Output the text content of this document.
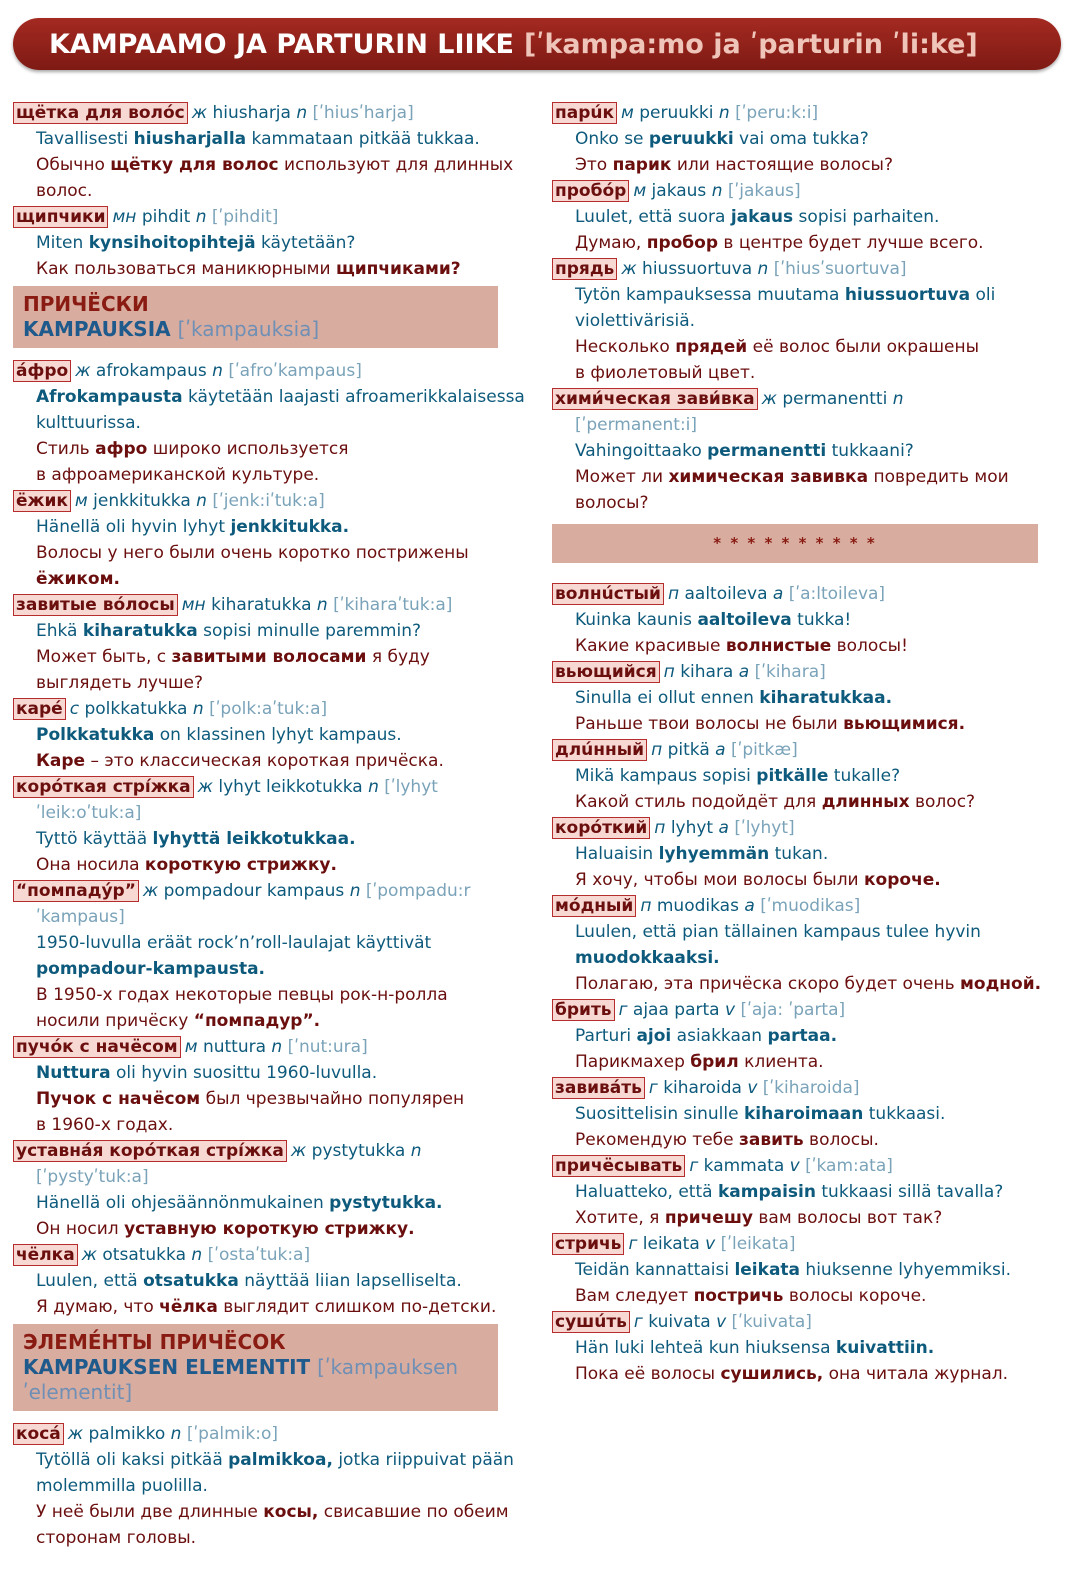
KAMPAAMO JA PARTURIN LIIKE [ʹkampa:mo ja ʹparturin ʹli:ke]
щётка для волóс ж hiusharja n [ʹhiusʹharja]
Tavallisesti hiusharjalla kammataan pitkää tukkaa.
Обычно щётку для волос используют для длинных
волос.
щипчики мн pihdit n [ʹpihdit]
Miten kynsihoitopihtejä käytetään?
Как пользоваться маникюрными щипчиками?
ПРИЧЁСКИ
KAMPAUKSIA [ʹkampauksia]
áфро ж afrokampaus n [ʹafroʹkampaus]
Afrokampausta käytetään laajasti afroamerikkalaisessa
kulttuurissa.
Стиль афро широко используется
в афроамериканской культуре.
ёжик м jenkkitukka n [ʹjenk:iʹtuk:a]
Hänellä oli hyvin lyhyt jenkkitukka.
Волосы у него были очень коротко пострижены
ёжиком.
завитые вóлосы мн kiharatukka n [ʹkiharaʹtuk:a]
Ehkä kiharatukka sopisi minulle paremmin?
Может быть, с завитыми волосами я буду
выглядеть лучше?
карé с polkkatukka n [ʹpolk:aʹtuk:a]
Polkkatukka on klassinen lyhyt kampaus.
Каре – это классическая короткая причёска.
корóткая стрíжка ж lyhyt leikkotukka n [ʹlyhyt
ʹleik:oʹtuk:a]
Tyttö käyttää lyhyttä leikkotukkaa.
Она носила короткую стрижку.
“помпадýр” ж pompadour kampaus n [ʹpompadu:r
ʹkampaus]
1950-luvulla eräät rock’n’roll-laulajat käyttivät
pompadour-kampausta.
В 1950-х годах некоторые певцы рок-н-ролла
носили причёску “помпадур”.
пучóк с начёсом м nuttura n [ʹnut:ura]
Nuttura oli hyvin suosittu 1960-luvulla.
Пучок с начёсом был чрезвычайно популярен
в 1960-х годах.
уставнáя корóткая стрíжка ж pystytukka n
[ʹpystyʹtuk:a]
Hänellä oli ohjesäännönmukainen pystytukka.
Он носил уставную короткую стрижку.
чёлка ж otsatukka n [ʹostaʹtuk:a]
Luulen, että otsatukka näyttää liian lapselliselta.
Я думаю, что чёлка выглядит слишком по-детски.
ЭЛЕМЕ́НТЫ ПРИЧЁСОК
KAMPAUKSEN ELEMENTIT [ʹkampauksen
ʹelementit]
косá ж palmikko n [ʹpalmik:o]
Tytöllä oli kaksi pitkää palmikkoa, jotka riippuivat pään
molemmilla puolilla.
У неё были две длинные косы, свисавшие по обеим
сторонам головы.
парúк м peruukki n [ʹperu:k:i]
Onko se peruukki vai oma tukka?
Это парик или настоящие волосы?
пробóр м jakaus n [ʹjakaus]
Luulet, että suora jakaus sopisi parhaiten.
Думаю, пробор в центре будет лучше всего.
прядь ж hiussuortuva n [ʹhiusʹsuortuva]
Tytön kampauksessa muutama hiussuortuva oli
violettivärisiä.
Несколько прядей её волос были окрашены
в фиолетовый цвет.
хими́ческая зави́вка ж permanentti n
[ʹpermanent:i]
Vahingoittaako permanentti tukkaani?
Может ли химическая завивка повредить мои
волосы?
* * * * * * * * * *
волнúстый п aaltoileva a [ʹa:ltoileva]
Kuinka kaunis aaltoileva tukka!
Какие красивые волнистые волосы!
вьющийся п kihara a [ʹkihara]
Sinulla ei ollut ennen kiharatukkaa.
Раньше твои волосы не были вьющимися.
длúнный п pitkä a [ʹpitkæ]
Mikä kampaus sopisi pitkälle tukalle?
Какой стиль подойдёт для длинных волос?
корóткий п lyhyt a [ʹlyhyt]
Haluaisin lyhyemmän tukan.
Я хочу, чтобы мои волосы были короче.
мóдный п muodikas a [ʹmuodikas]
Luulen, että pian tällainen kampaus tulee hyvin
muodokkaaksi.
Полагаю, эта причёска скоро будет очень модной.
брить г ajaa parta v [ʹaja: ʹparta]
Parturi ajoi asiakkaan partaa.
Парикмахер брил клиента.
завивáть г kiharoida v [ʹkiharoida]
Suosittelisin sinulle kiharoimaan tukkaasi.
Рекомендую тебе завить волосы.
причёсывать г kammata v [ʹkam:ata]
Haluatteko, että kampaisin tukkaasi sillä tavalla?
Хотите, я причешу вам волосы вот так?
стричь г leikata v [ʹleikata]
Teidän kannattaisi leikata hiuksenne lyhyemmiksi.
Вам следует постричь волосы короче.
сушúть г kuivata v [ʹkuivata]
Hän luki lehteä kun hiuksensa kuivattiin.
Пока её волосы сушились, она читала журнал.
